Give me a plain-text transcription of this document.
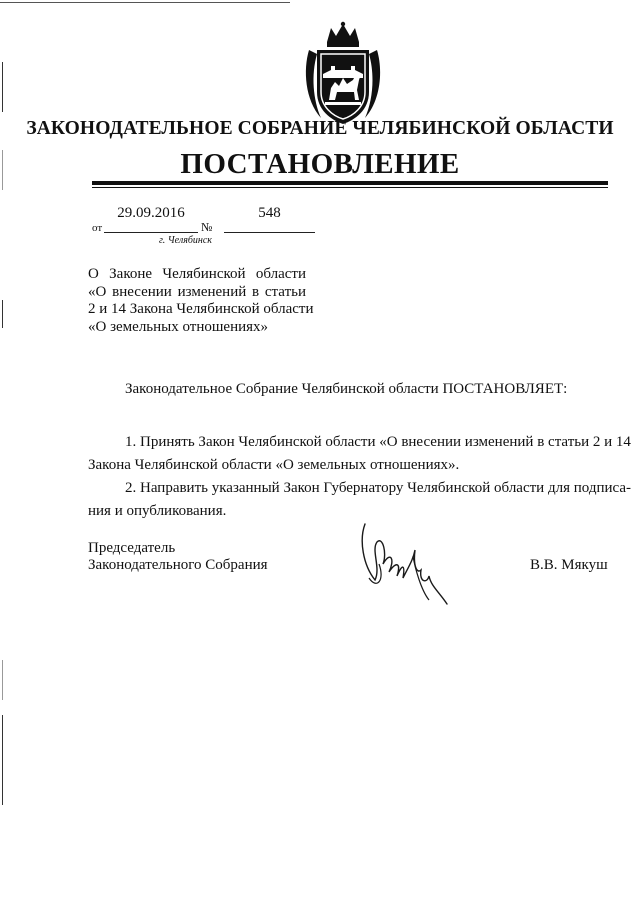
ЗАКОНОДАТЕЛЬНОЕ СОБРАНИЕ ЧЕЛЯБИНСКОЙ ОБЛАСТИ
ПОСТАНОВЛЕНИЕ
от
29.09.2016
№
548
г. Челябинск
О Законе Челябинской области
«О внесении изменений в статьи
2 и 14 Закона Челябинской области
«О земельных отношениях»
Законодательное Собрание Челябинской области ПОСТАНОВЛЯЕТ:
1. Принять Закон Челябинской области «О внесении изменений в статьи 2 и 14
Закона Челябинской области «О земельных отношениях».
2. Направить указанный Закон Губернатору Челябинской области для подписа-
ния и опубликования.
Председатель
Законодательного Собрания	В.В. Мякуш
